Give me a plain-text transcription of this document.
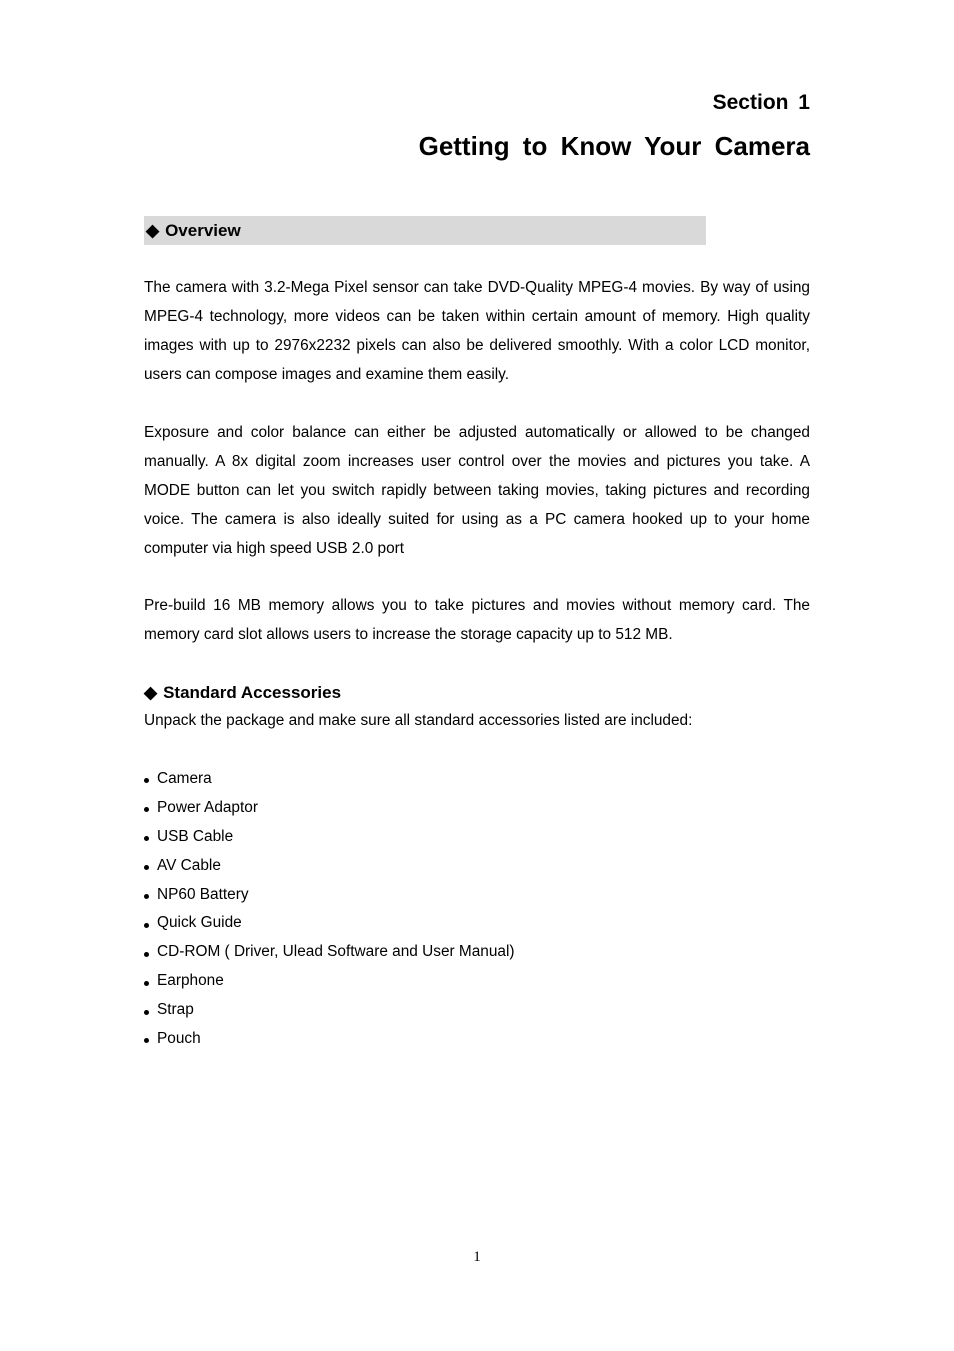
Section 1
Getting to Know Your Camera
◆ Overview

The camera with 3.2-Mega Pixel sensor can take DVD-Quality MPEG-4 movies. By way of using MPEG-4 technology, more videos can be taken within certain amount of memory. High quality images with up to 2976x2232 pixels can also be delivered smoothly. With a color LCD monitor, users can compose images and examine them easily.

Exposure and color balance can either be adjusted automatically or allowed to be changed manually. A 8x digital zoom increases user control over the movies and pictures you take. A MODE button can let you switch rapidly between taking movies, taking pictures and recording voice. The camera is also ideally suited for using as a PC camera hooked up to your home computer via high speed USB 2.0 port

Pre-build 16 MB memory allows you to take pictures and movies without memory card. The memory card slot allows users to increase the storage capacity up to 512 MB.

◆ Standard Accessories
Unpack the package and make sure all standard accessories listed are included:
Camera
Power Adaptor
USB Cable
AV Cable
NP60 Battery
Quick Guide
CD-ROM ( Driver, Ulead Software and User Manual)
Earphone
Strap
Pouch
1
